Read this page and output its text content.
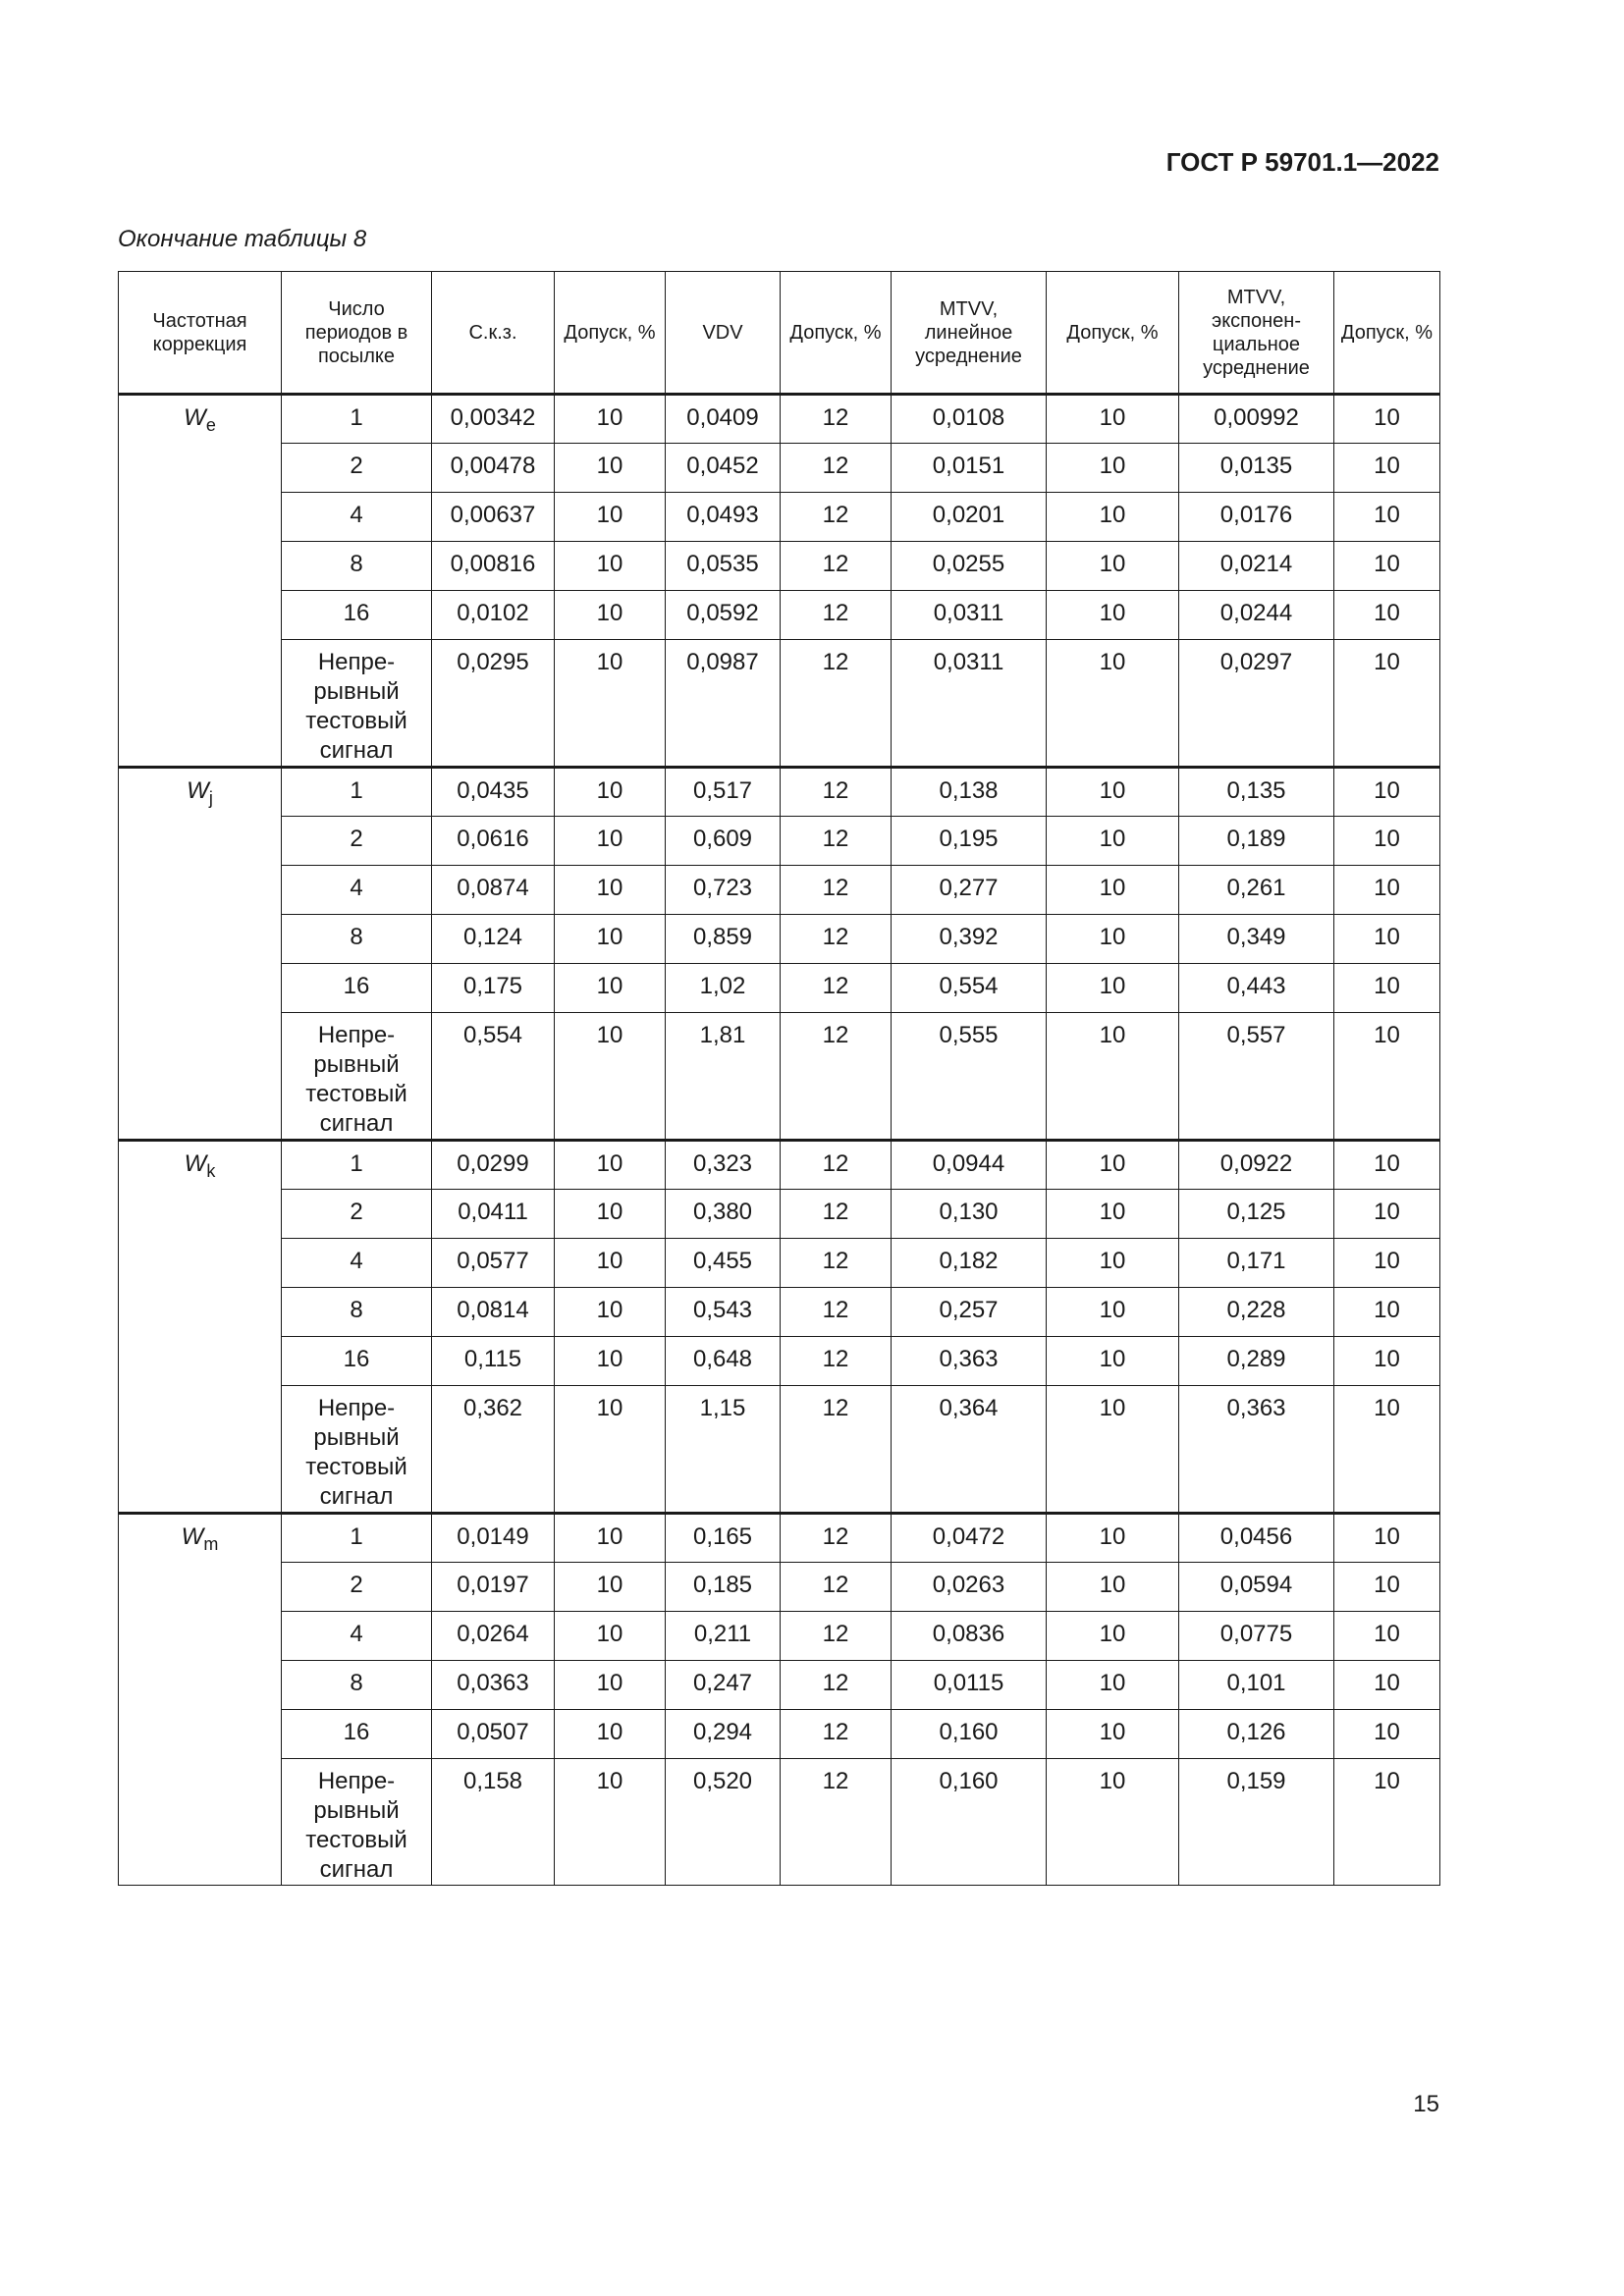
ГОСТ Р 59701.1—2022
Окончание таблицы 8
Частотная коррекция	Число периодов в посылке	С.к.з.	Допуск, %	VDV	Допуск, %	MTVV, линейное усреднение	Допуск, %	MTVV, экспонен-циальное усреднение	Допуск, %
$W_e$	1	0,00342	10	0,0409	12	0,0108	10	0,00992	10
	2	0,00478	10	0,0452	12	0,0151	10	0,0135	10
	4	0,00637	10	0,0493	12	0,0201	10	0,0176	10
	8	0,00816	10	0,0535	12	0,0255	10	0,0214	10
	16	0,0102	10	0,0592	12	0,0311	10	0,0244	10
	Непре-рывный тестовый сигнал	0,0295	10	0,0987	12	0,0311	10	0,0297	10
$W_j$	1	0,0435	10	0,517	12	0,138	10	0,135	10
	2	0,0616	10	0,609	12	0,195	10	0,189	10
	4	0,0874	10	0,723	12	0,277	10	0,261	10
	8	0,124	10	0,859	12	0,392	10	0,349	10
	16	0,175	10	1,02	12	0,554	10	0,443	10
	Непре-рывный тестовый сигнал	0,554	10	1,81	12	0,555	10	0,557	10
$W_k$	1	0,0299	10	0,323	12	0,0944	10	0,0922	10
	2	0,0411	10	0,380	12	0,130	10	0,125	10
	4	0,0577	10	0,455	12	0,182	10	0,171	10
	8	0,0814	10	0,543	12	0,257	10	0,228	10
	16	0,115	10	0,648	12	0,363	10	0,289	10
	Непре-рывный тестовый сигнал	0,362	10	1,15	12	0,364	10	0,363	10
$W_m$	1	0,0149	10	0,165	12	0,0472	10	0,0456	10
	2	0,0197	10	0,185	12	0,0263	10	0,0594	10
	4	0,0264	10	0,211	12	0,0836	10	0,0775	10
	8	0,0363	10	0,247	12	0,0115	10	0,101	10
	16	0,0507	10	0,294	12	0,160	10	0,126	10
	Непре-рывный тестовый сигнал	0,158	10	0,520	12	0,160	10	0,159	10
15
